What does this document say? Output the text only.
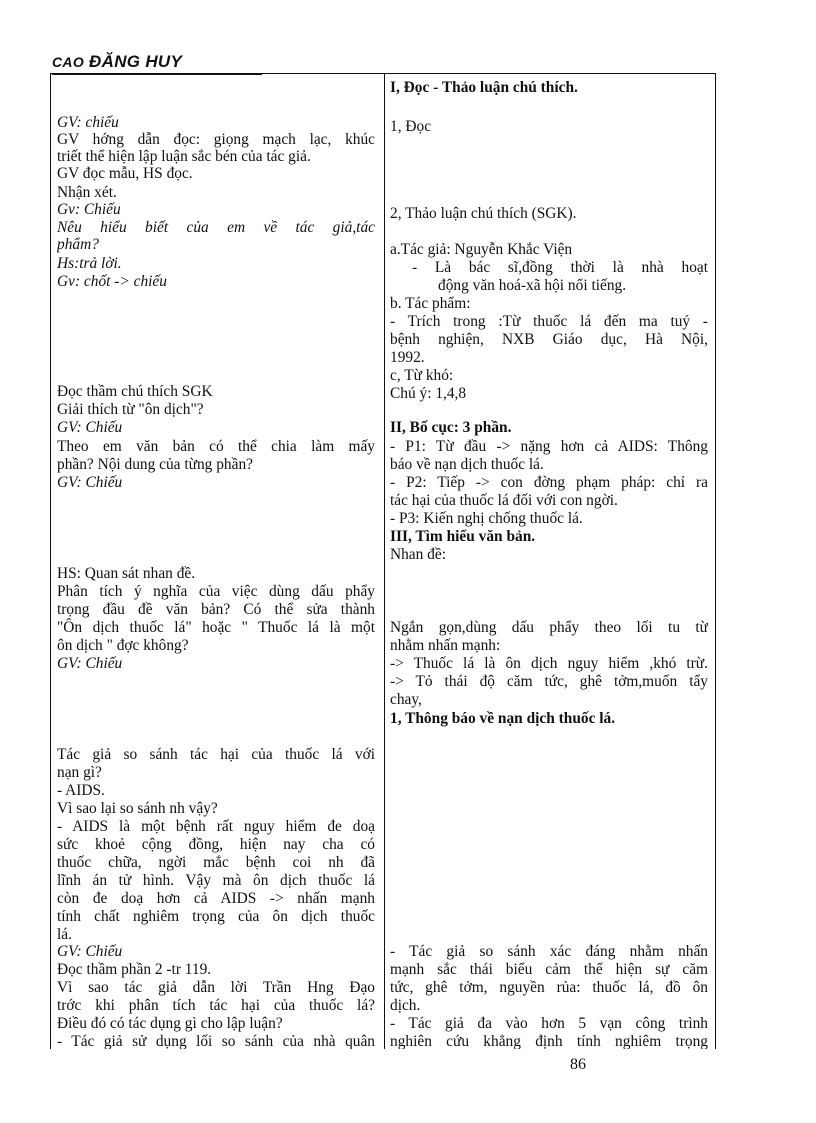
CAO ĐĂNG HUY
GV: chiếu
GV hớng dẫn đọc: giọng mạch lạc, khúc
triết thể hiện lập luận sắc bén của tác giả.
GV đọc mẫu, HS đọc.
Nhận xét.
Gv: Chiếu
Nêu hiểu biết của em về tác giả,tác
phẩm?
Hs:trả lời.
Gv: chốt -> chiếu
Đọc thầm chú thích SGK
Giải thích từ "ôn dịch"?
GV: Chiếu
Theo em văn bản có thể chia làm mấy
phần? Nội dung của từng phần?
GV: Chiếu
HS: Quan sát nhan đề.
Phân tích ý nghĩa của việc dùng dấu phẩy
trọng đầu đề văn bản? Có thể sửa thành
"Ôn dịch thuốc lá" hoặc " Thuốc lá là một
ôn dịch " đợc không?
GV: Chiếu
Tác giả so sánh tác hại của thuốc lá với
nạn gì?
- AIDS.
Vì sao lại so sánh nh vậy?
- AIDS là một bệnh rất nguy hiểm đe doạ
sức khoẻ cộng đồng, hiện nay cha có
thuốc chữa, ngời mắc bệnh coi nh đã
lĩnh án tử hình. Vậy mà ôn dịch thuốc lá
còn đe doạ hơn cả AIDS -> nhấn mạnh
tính chất nghiêm trọng của ôn dịch thuốc
lá.
GV: Chiếu
Đọc thầm phần 2 -tr 119.
Vì sao tác giả dẫn lời Trần Hng Đạo
trớc khi phân tích tác hại của thuốc lá?
Điều đó có tác dụng gì cho lập luận?
- Tác giả sử dụng lối so sánh của nhà quân
I, Đọc - Thảo luận chú thích.
1, Đọc
2, Thảo luận chú thích (SGK).
a.Tác giả: Nguyễn Khắc Viện
- Là bác sĩ,đồng thời là nhà hoạt
động văn hoá-xã hội nổi tiếng.
b. Tác phẩm:
- Trích trong :Từ thuốc lá đến ma tuý -
bệnh nghiện, NXB Giáo dục, Hà Nội,
1992.
c, Từ khó:
Chú ý: 1,4,8
II, Bố cục: 3 phần.
- P1: Từ đầu -> nặng hơn cả AIDS: Thông
báo về nạn dịch thuốc lá.
- P2: Tiếp -> con đờng phạm pháp: chỉ ra
tác hại của thuốc lá đối với con ngời.
- P3: Kiến nghị chống thuốc lá.
III, Tìm hiểu văn bản.
Nhan đề:
Ngắn gọn,dùng dấu phẩy theo lối tu từ
nhằm nhấn mạnh:
-> Thuốc lá là ôn dịch nguy hiểm ,khó trừ.
-> Tỏ thái độ căm tức, ghê tởm,muốn tẩy
chay,
1, Thông báo về nạn dịch thuốc lá.
- Tác giả so sánh xác đáng nhằm nhấn
mạnh sắc thái biểu cảm thể hiện sự căm
tức, ghê tởm, nguyền rủa: thuốc lá, đồ ôn
dịch.
- Tác giả đa vào hơn 5 vạn công trình
nghiên cứu khẳng định tính nghiêm trọng
86
